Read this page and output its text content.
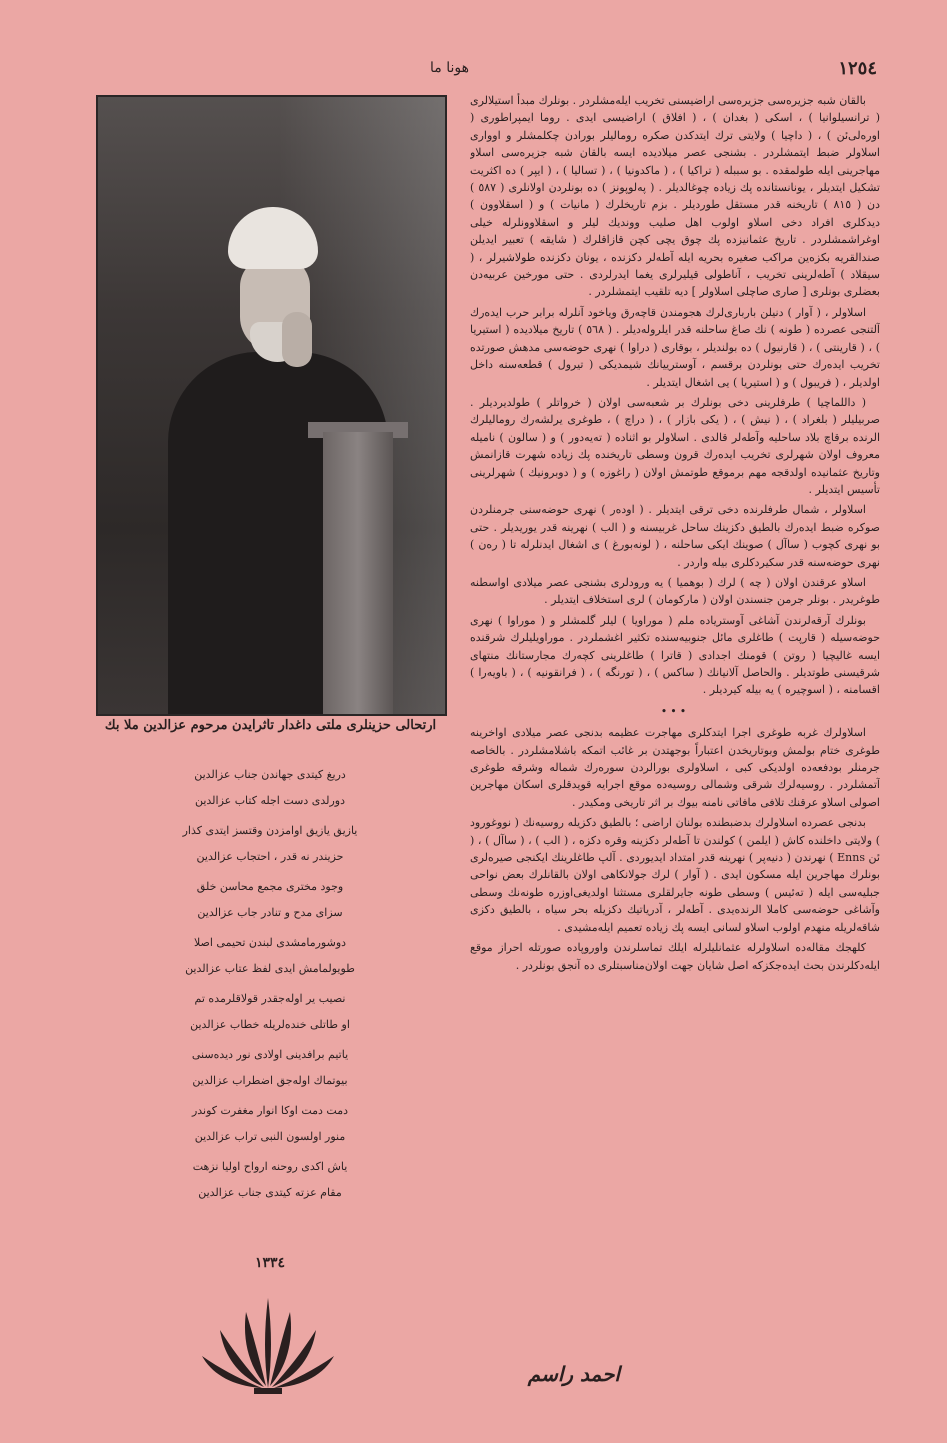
١٢٥٤
هونا ما

بالقان شبه جزيره‌سی جزیره‌سی اراضیسنی تخریب ایله‌مشلردر . بونلرك مبدأ استیلالری ( ترانسیلوانیا ) ، اسكی ( بغدان ) ، ( افلاق ) اراضیسی ایدی . روما ایمپراطوری ( اورەلی‌ئن ) ، ( داچیا ) ولایتی ترك ایتدكدن صكره رومالیلر بورادن چكلمشلر و اوواری اسلاولر ضبط ایتمشلردر . بشنجی عصر میلادیده ایسه بالقان شبه جزیره‌سی اسلاو مهاجرینی ایله طولمقده . بو سببله ( تراكیا ) ، ( ماكدونیا ) ، ( تساليا ) ، ( ایپر ) ده اكثریت تشكیل ایتدیلر ، یونانستانده پك زیاده چوغالدیلر . ( پەلوپونز ) ده بونلردن اولانلری ( ٥٨٧ ) دن ( ٨١٥ ) تاریخنه قدر مستقل طوردیلر . بزم تاریخلرك ( مانیات ) و ( اسقلاوون ) دیدكلری افراد دخی اسلاو اولوب اهل صلیب ووندیك لیلر و اسقلاوونلرله خیلی اوغراشمشلردر . تاریخ عثمانیزده پك چوق یچی كچن قازاقلرك ( شایقه ) تعبیر ایدیلن صندالقریه بكزەین مراكب صغیره بحریه ایله آطه‌لر دكزنده ، یونان دكزنده طولاشیرلر ، ( سیقلاد ) آطه‌لرینی تخریب ، آناطولی قیلیرلری یغما ایدرلردی . حتی مورخین عربیه‌دن بعضلری بونلری [ صاری صاچلی اسلاولر ] دیه تلقیب ایتمشلردر .

اسلاولر ، ( آوار ) دنیلن بارباری‌لرك هجومندن قاچه‌رق ویاخود آنلرله برابر حرب ایده‌رك آلتنجی عصرده ( طونه ) نك صاغ ساحلنه قدر ایلرولەدیلر . ( ٥٦٨ ) تاریخ میلادیده ( استیریا ) ، ( قارینتی ) ، ( قارنیول ) ده بولندیلر ، بوقاری ( دراوا ) نهری حوضه‌سی مدهش صورتده تخریب ایده‌رك حتی بونلردن برقسم ، آوسترییانك شیمدیكی ( تیرول ) قطعه‌سنه داخل اولدیلر ، ( فریبول ) و ( استیریا ) یی اشغال ایتدیلر .

( داللماچیا ) طرفلرینی دخی بونلرك بر شعبه‌سی اولان ( خرواتلر ) طولدیردیلر . صربیلیلر ( بلغراد ) ، ( نیش ) ، ( یكی بازار ) ، ( دراچ ) ، طوغری یرلشه‌رك رومالیلرك الرنده برقاچ بلاد ساحلیه وآطه‌لر قالدی . اسلاولر بو اثناده ( ته‌یه‌دور ) و ( سالون ) نامیله معروف اولان شهرلری تخریب ایده‌رك قرون وسطی تاریخنده پك زیاده شهرت قازانمش وتاریخ عثمانیده اولدقجه مهم برموقع طوتمش اولان ( راغوزه ) و ( دوبرونیك ) شهرلرینی تأسیس ایتدیلر .

اسلاولر ، شمال طرفلرنده دخی ترقی ایتدیلر . ( اودەر ) نهری حوضه‌سنی جرمنلردن صوكره ضبط ایده‌رك بالطیق دكزینك ساحل غربیسنه و ( الب ) نهرینه قدر یوریدیلر . حتی بو نهری كچوب ( ساآل ) صوینك ایكی ساحلنه ، ( لونه‌بورغ ) ی اشغال ایدنلرله تا ( رەن ) نهری حوضه‌سنه قدر سكیردكلری بیله واردر .

اسلاو عرقندن اولان ( چه ) لرك ( بوهمیا ) یه ورودلری بشنجی عصر میلادی اواسطنه طوغریدر . بونلر جرمن جنسندن اولان ( ماركومان ) لری استخلاف ایتدیلر .

بونلرك آرقه‌لرندن آشاغی آوستریاده ملم ( موراویا ) لیلر گلمشلر و ( موراوا ) نهری حوضه‌سیله ( قارپت ) طاغلری مائل جنوبیه‌سنده تكثیر اغشملردر . موراویلیلرك شرقنده ایسه غالیچیا ( روتن ) قومنك اجدادی ( قاترا ) طاغلرینی كچه‌رك مجارستانك منتهای شرقیسنی طوتدیلر . والحاصل آلانیانك ( ساكس ) ، ( تورنگه ) ، ( فرانقونیه ) ، ( باویه‌را ) اقسامنه ، ( اسوچیره ) یه بیله كیردیلر .

•••

اسلاولرك غربه طوغری اجرا ایتدكلری مهاجرت عظیمه بدنجی عصر میلادی اواخرینه طوغری ختام بولمش وبوتاریخدن اعتباراً بوجهتدن بر غائب اتمكه باشلامشلردر . بالخاصه جرمنلر بودفعه‌ده اولدیكی كبی ، اسلاولری بورالردن سوره‌رك شماله وشرقه طوغری آتمشلردر . روسیه‌لرك شرقی وشمالی روسیه‌ده موقع اجرایه قویدقلری اسكان مهاجرین اصولی اسلاو عرقنك تلافی مافاتی نامنه بیوك بر اثر تاریخی ومكیدر .

بدنجی عصرده اسلاولرك بدضبطنده بولنان اراضی ؛ بالطیق دكزیله روسیه‌نك ( نووغورود ) ولایتی داخلنده كاش ( ایلمن ) كولندن تا آطه‌لر دكزینه وقره دكزه ، ( الب ) ، ( ساآل ) ، ( ئن Enns ) نهرندن ( دنیه‌پر ) نهرینه قدر امتداد ایدیوردی . آلپ طاغلرینك ایكنجی صیره‌لری بونلرك مهاجرین ایله مسكون ایدی . ( آوار ) لرك جولانكاهی اولان بالقانلرك بعض نواحی جبلیه‌سی ایله ( تەئیس ) وسطی طونه جایرلقلری مستثنا اولدیغی‌اوزره طونه‌نك وسطی وآشاغی حوضه‌سی كاملا الرنده‌یدی . آطه‌لر ، آدریاتیك دكزیله بحر سیاه ، بالطیق دكزی شاقه‌لریله منهدم اولوب اسلاو لسانی ایسه پك زیاده تعمیم ایله‌مشیدی .

كلهجك مقاله‌ده اسلاولرله عثمانلیلرله ایلك تماسلرندن واوروپاده صورتله احراز موقع ایله‌دكلرندن بحث ایده‌جكزكه اصل شایان جهت اولان‌مناسبتلری ده آنجق بونلردر .

احمد راسم
ارتحالی حزینلری ملتی داغدار تأثرایدن مرحوم عزالدین ملا بك
دریغ كیتدی جهاندن جناب عزالدین
دورلدی دست اجله كتاب عزالدین
یازیق یازیق اوامزدن وقتسز ایتدی كذار
حزیندر نه قدر ، احتجاب عزالدین
وجود مختری مجمع محاسن خلق
سزای مدح و تنادر جاب عزالدین
دوشورمامشدی لبندن تحیمی اصلا
طویولمامش ایدی لفظ عتاب عزالدین
نصیب یر اوله‌جقدر قولاقلرمده تم
او طاتلی خنده‌لریله خطاب عزالدین
یاتیم برافدینی اولادی نور دیده‌سنی
بیوتماك اوله‌جق اضطراب عزالدین
دمت دمت اوكا انوار مغفرت كوندر
منور اولسون النبی تراب عزالدین
یاش اكدی روحنه ارواح اولیا نزهت
مقام عزته كیتدی جناب عزالدین
١٣٣٤
